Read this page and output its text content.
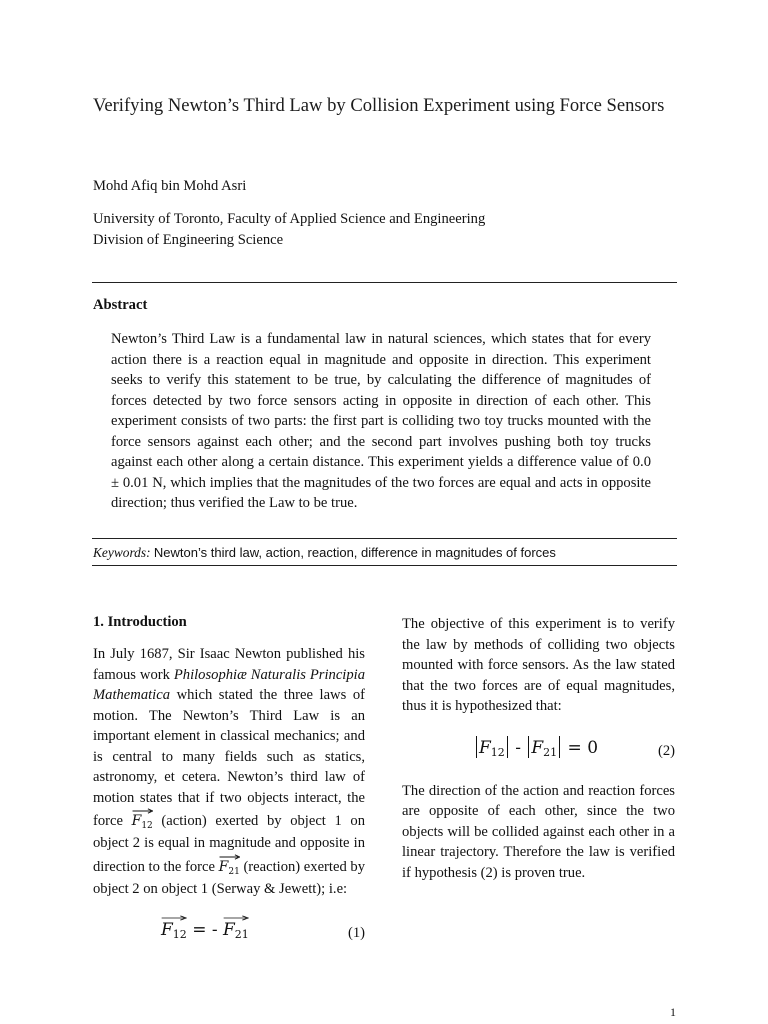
Verifying Newton’s Third Law by Collision Experiment using Force Sensors
Mohd Afiq bin Mohd Asri
University of Toronto, Faculty of Applied Science and Engineering
Division of Engineering Science
Abstract
Newton’s Third Law is a fundamental law in natural sciences, which states that for every action there is a reaction equal in magnitude and opposite in direction. This experiment seeks to verify this statement to be true, by calculating the difference of magnitudes of forces detected by two force sensors acting in opposite in direction of each other. This experiment consists of two parts: the first part is colliding two toy trucks mounted with the force sensors against each other; and the second part involves pushing both toy trucks against each other along a certain distance. This experiment yields a difference value of 0.0 ± 0.01 N, which implies that the magnitudes of the two forces are equal and acts in opposite direction; thus verified the Law to be true.
Keywords: Newton’s third law, action, reaction, difference in magnitudes of forces
1. Introduction

In July 1687, Sir Isaac Newton published his famous work Philosophiæ Naturalis Principia Mathematica which stated the three laws of motion. The Newton’s Third Law is an important element in classical mechanics; and is central to many fields such as statics, astronomy, et cetera. Newton’s third law of motion states that if two objects interact, the force
$F_{12}$ (action) exerted by object 1 on object 2 is equal in magnitude and opposite in direction to the force
$F_{21}$ (reaction) exerted by object 2 on object 1 (Serway & Jewett); i.e:

$F_{12}$ = -
$F_{21}$	(1)

The objective of this experiment is to verify the law by methods of colliding two objects mounted with force sensors. As the law stated that the two forces are of equal magnitudes, thus it is hypothesized that:

$F_{12} - F_{21} = 0$	(2)

The direction of the action and reaction forces are opposite of each other, since the two objects will be collided against each other in a linear trajectory. Therefore the law is verified if hypothesis (2) is proven true.

1
